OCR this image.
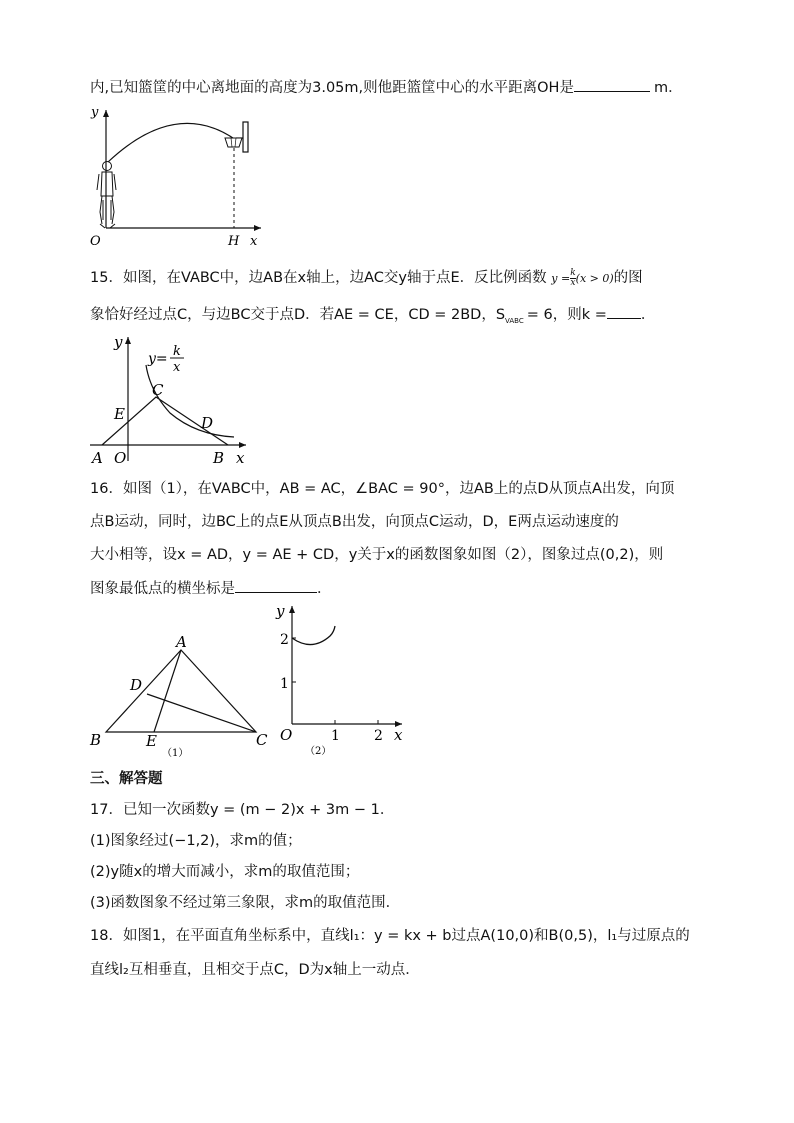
内,已知篮筐的中心离地面的高度为3.05m,则他距篮筐中心的水平距离OH是	m．
y
O	H x
15．如图，在VABC中，边AB在x轴上，边AC交y轴于点E．反比例函数 $y = \frac{k}{x} (x > 0)$的图
象恰好经过点C，与边BC交于点D．若AE = CE，CD = 2BD，$S_{VABC} = 6$，则k = ．
y
y= k
x
C
E	D
A O	B x
16．如图（1），在VABC中，AB = AC，∠BAC = 90°，边AB上的点D从顶点A出发，向顶
点B运动，同时，边BC上的点E从顶点B出发，向顶点C运动，D，E两点运动速度的
大小相等，设x = AD，y = AE + CD，y关于x的函数图象如图（2），图象过点(0,2)，则
图象最低点的横坐标是	．
A
D
B	E	C
（1）
y
2
1
O	1 2 x
（2）
三、解答题
17．已知一次函数y = (m − 2)x + 3m − 1．
(1)图象经过(−1,2)，求m的值；
(2)y随x的增大而减小，求m的取值范围；
(3)函数图象不经过第三象限，求m的取值范围．
18．如图1，在平面直角坐标系中，直线l₁：y = kx + b过点A(10,0)和B(0,5)，l₁与过原点的
直线l₂互相垂直，且相交于点C，D为x轴上一动点．
